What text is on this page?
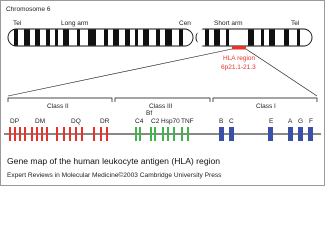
Chromosome 6
Tel	Long arm	Cen	Short arm	Tel
HLA region
6p21.1-21.3
Class II	Class III	Class I
DP DM	DQ	DR
Bf
C4 C2 Hsp70 TNF	B C	E A G F
Gene map of the human leukocyte antigen (HLA) region
Expert Reviews in Molecular Medicine©2003 Cambridge University Press
